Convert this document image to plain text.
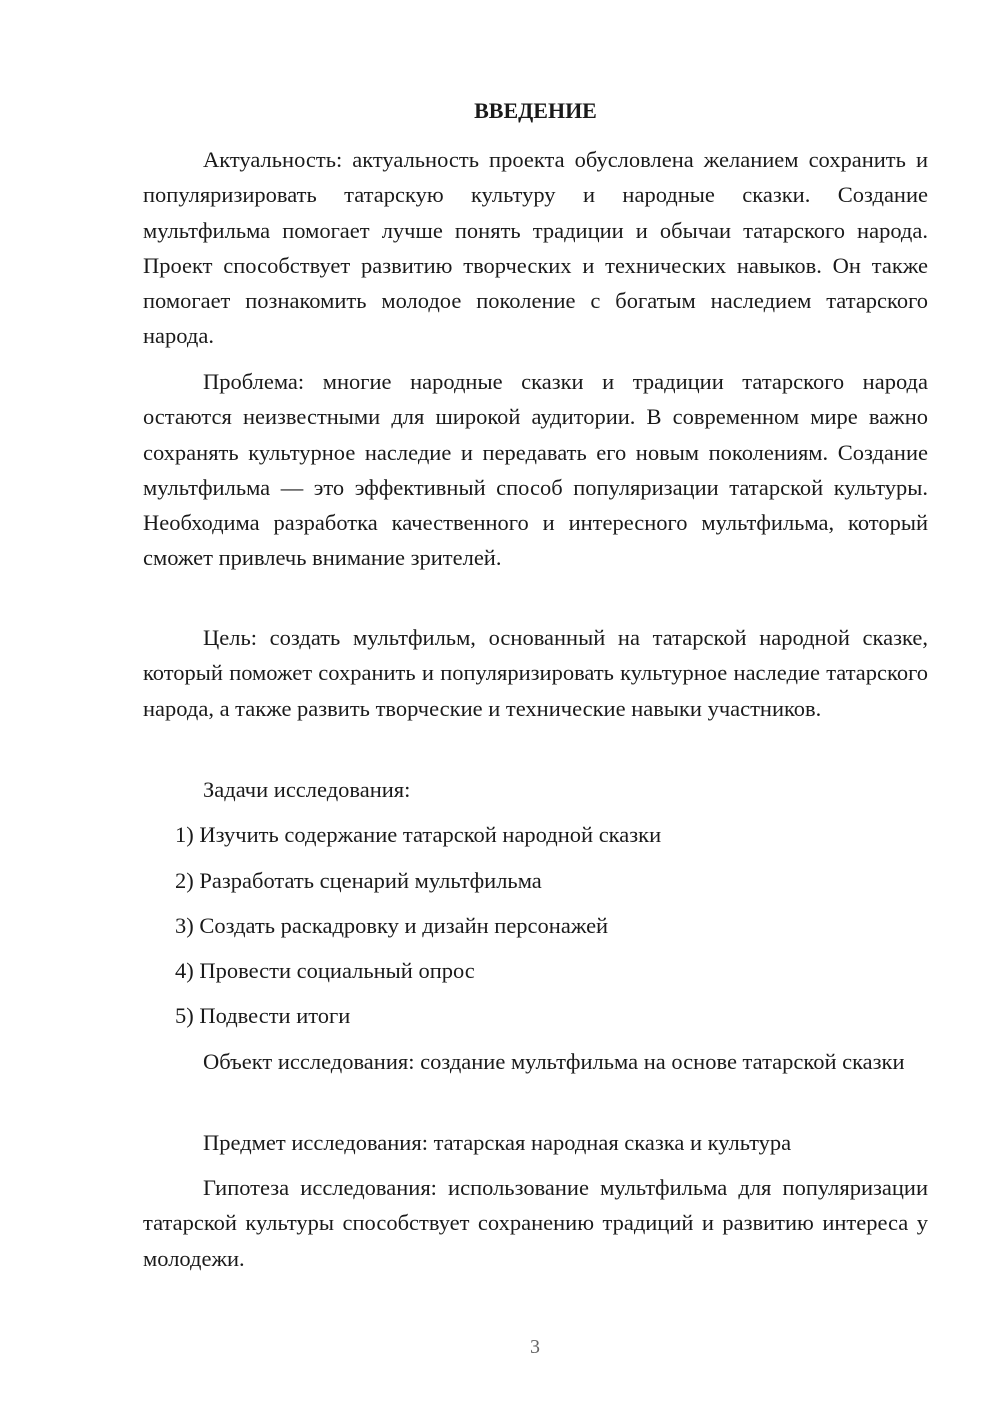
ВВЕДЕНИЕ

Актуальность: актуальность проекта обусловлена желанием сохранить и популяризировать татарскую культуру и народные сказки. Создание мультфильма помогает лучше понять традиции и обычаи татарского народа. Проект способствует развитию творческих и технических навыков. Он также помогает познакомить молодое поколение с богатым наследием татарского народа.

Проблема: многие народные сказки и традиции татарского народа остаются неизвестными для широкой аудитории. В современном мире важно сохранять культурное наследие и передавать его новым поколениям. Создание мультфильма — это эффективный способ популяризации татарской культуры. Необходима разработка качественного и интересного мультфильма, который сможет привлечь внимание зрителей.

Цель: создать мультфильм, основанный на татарской народной сказке, который поможет сохранить и популяризировать культурное наследие татарского народа, а также развить творческие и технические навыки участников.

Задачи исследования:

1) Изучить содержание татарской народной сказки

2) Разработать сценарий мультфильма

3) Создать раскадровку и дизайн персонажей

4) Провести социальный опрос

5) Подвести итоги

Объект исследования: создание мультфильма на основе татарской сказки

Предмет исследования: татарская народная сказка и культура

Гипотеза исследования: использование мультфильма для популяризации татарской культуры способствует сохранению традиций и развитию интереса у молодежи.

3
